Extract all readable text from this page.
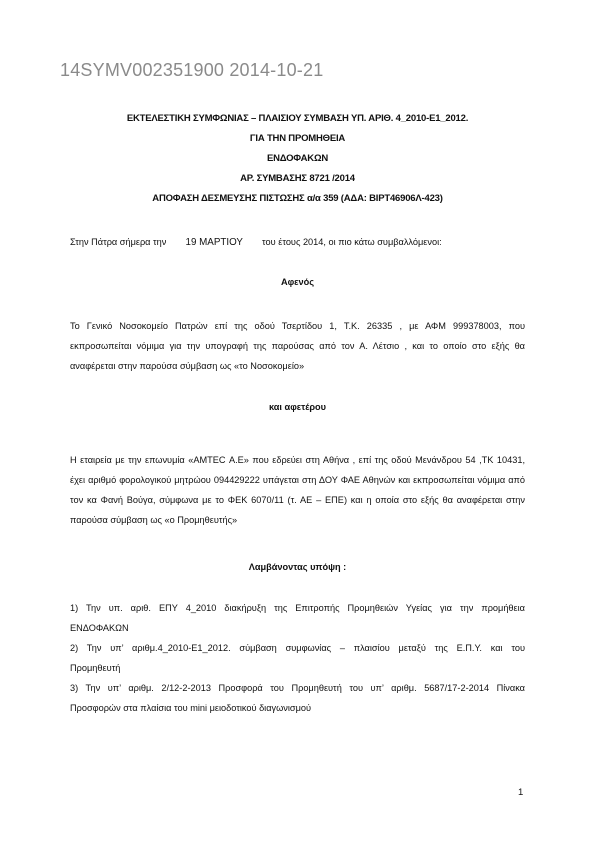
14SYMV002351900 2014-10-21
ΕΚΤΕΛΕΣΤΙΚΗ ΣΥΜΦΩΝΙΑΣ – ΠΛΑΙΣΙΟΥ ΣΥΜΒΑΣΗ ΥΠ. ΑΡΙΘ. 4_2010-Ε1_2012.
ΓΙΑ ΤΗΝ ΠΡΟΜΗΘΕΙΑ
ΕΝΔΟΦΑΚΩΝ
ΑΡ. ΣΥΜΒΑΣΗΣ 8721 /2014
ΑΠΟΦΑΣΗ ΔΕΣΜΕΥΣΗΣ ΠΙΣΤΩΣΗΣ α/α 359 (ΑΔΑ: ΒΙΡΤ46906Λ-423)
Στην Πάτρα σήμερα την 19 ΜΑΡΤΙΟΥ του έτους 2014, οι πιο κάτω συμβαλλόμενοι:
Αφενός
Το Γενικό Νοσοκομείο Πατρών επί της οδού Τσερτίδου 1, Τ.Κ. 26335 , με ΑΦΜ 999378003, που
εκπροσωπείται νόμιμα για την υπογραφή της παρούσας από τον Α. Λέτσιο , και το οποίο στο εξής θα
αναφέρεται στην παρούσα σύμβαση ως «το Νοσοκομείο»
και αφετέρου
Η εταιρεία με την επωνυμία «ΑΜΤΕC Α.Ε» που εδρεύει στη Αθήνα , επί της οδού Μενάνδρου 54 ,ΤΚ 10431,
έχει αριθμό φορολογικού μητρώου 094429222 υπάγεται στη ΔΟΥ ΦΑΕ Αθηνών και εκπροσωπείται νόμιμα από
τον κα Φανή Βούγα, σύμφωνα με το ΦΕΚ 6070/11 (τ. ΑΕ – ΕΠΕ) και η οποία στο εξής θα αναφέρεται στην
παρούσα σύμβαση ως «ο Προμηθευτής»
Λαμβάνοντας υπόψη :
1) Την υπ. αριθ. ΕΠΥ 4_2010 διακήρυξη της Επιτροπής Προμηθειών Υγείας για την προμήθεια
ΕΝΔΟΦΑΚΩΝ
2) Την υπ’ αριθμ.4_2010-Ε1_2012. σύμβαση συμφωνίας – πλαισίου μεταξύ της Ε.Π.Υ. και του
Προμηθευτή
3) Την υπ’ αριθμ. 2/12-2-2013 Προσφορά του Προμηθευτή του υπ’ αριθμ. 5687/17-2-2014 Πίνακα
Προσφορών στα πλαίσια του mini μειοδοτικού διαγωνισμού
1
